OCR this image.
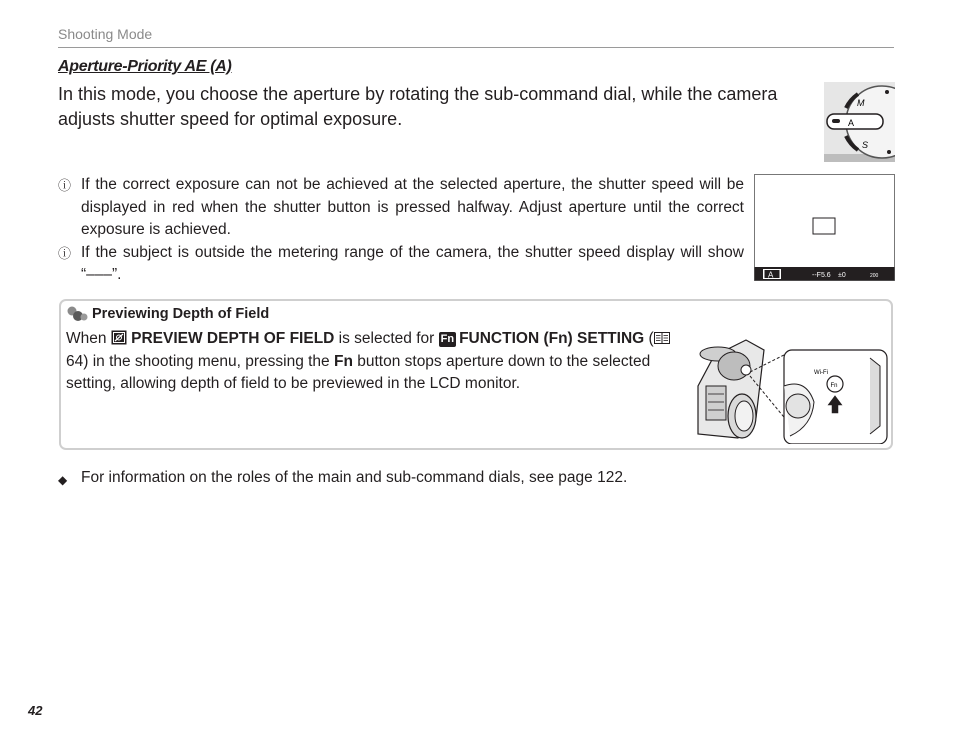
Shooting Mode
Aperture-Priority AE (A)
In this mode, you choose the aperture by rotating the sub-command dial, while the camera adjusts shutter speed for optimal exposure.
M
S
A
ⓘ If the correct exposure can not be achieved at the selected aperture, the shutter speed will be displayed in red when the shutter button is pressed halfway. Adjust aperture until the correct exposure is achieved.
ⓘ If the subject is outside the metering range of the camera, the shutter speed display will show “–––”.	A	--F5.6 ±0	200
Previewing Depth of Field
When PREVIEW DEPTH OF FIELD is selected for Fn FUNCTION (Fn) SETTING ( 64) in the shooting menu, pressing the Fn button stops aperture down to the selected setting, allowing depth of field to be previewed in the LCD monitor.
Wi-Fi
Fn
◆ For information on the roles of the main and sub-command dials, see page 122.
42
